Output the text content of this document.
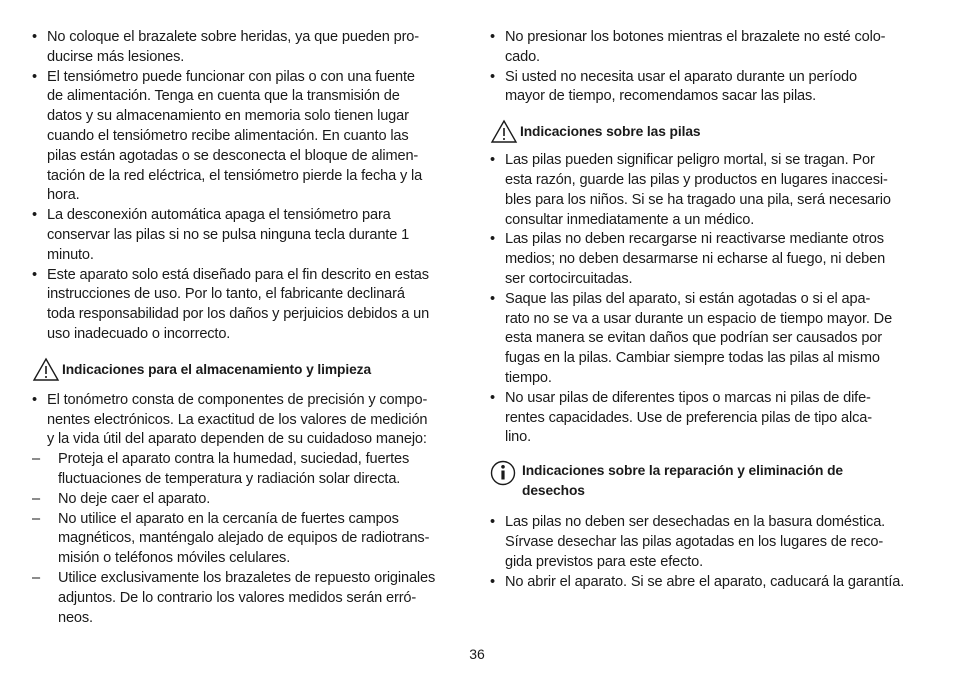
• No coloque el brazalete sobre heridas, ya que pueden pro-
ducirse más lesiones.
• El tensiómetro puede funcionar con pilas o con una fuente
de alimentación. Tenga en cuenta que la transmisión de
datos y su almacenamiento en memoria solo tienen lugar
cuando el tensiómetro recibe alimentación. En cuanto las
pilas están agotadas o se desconecta el bloque de alimen-
tación de la red eléctrica, el tensiómetro pierde la fecha y la
hora.
• La desconexión automática apaga el tensiómetro para
conservar las pilas si no se pulsa ninguna tecla durante 1
minuto.
• Este aparato solo está diseñado para el fin descrito en estas
instrucciones de uso. Por lo tanto, el fabricante declinará
toda responsabilidad por los daños y perjuicios debidos a un
uso inadecuado o incorrecto.
Indicaciones para el almacenamiento y limpieza
• El tonómetro consta de componentes de precisión y compo-
nentes electrónicos. La exactitud de los valores de medición
y la vida útil del aparato dependen de su cuidadoso manejo:
– Proteja el aparato contra la humedad, suciedad, fuertes
fluctuaciones de temperatura y radiación solar directa.
– No deje caer el aparato.
– No utilice el aparato en la cercanía de fuertes campos
magnéticos, manténgalo alejado de equipos de radiotrans-
misión o teléfonos móviles celulares.
– Utilice exclusivamente los brazaletes de repuesto originales
adjuntos. De lo contrario los valores medidos serán erró-
neos.
• No presionar los botones mientras el brazalete no esté colo-
cado.
• Si usted no necesita usar el aparato durante un período
mayor de tiempo, recomendamos sacar las pilas.
Indicaciones sobre las pilas
• Las pilas pueden significar peligro mortal, si se tragan. Por
esta razón, guarde las pilas y productos en lugares inaccesi-
bles para los niños. Si se ha tragado una pila, será necesario
consultar inmediatamente a un médico.
• Las pilas no deben recargarse ni reactivarse mediante otros
medios; no deben desarmarse ni echarse al fuego, ni deben
ser cortocircuitadas.
• Saque las pilas del aparato, si están agotadas o si el apa-
rato no se va a usar durante un espacio de tiempo mayor. De
esta manera se evitan daños que podrían ser causados por
fugas en la pilas. Cambiar siempre todas las pilas al mismo
tiempo.
• No usar pilas de diferentes tipos o marcas ni pilas de dife-
rentes capacidades. Use de preferencia pilas de tipo alca-
lino.
Indicaciones sobre la reparación y eliminación de
desechos
• Las pilas no deben ser desechadas en la basura doméstica.
Sírvase desechar las pilas agotadas en los lugares de reco-
gida previstos para este efecto.
• No abrir el aparato. Si se abre el aparato, caducará la garantía.
36
